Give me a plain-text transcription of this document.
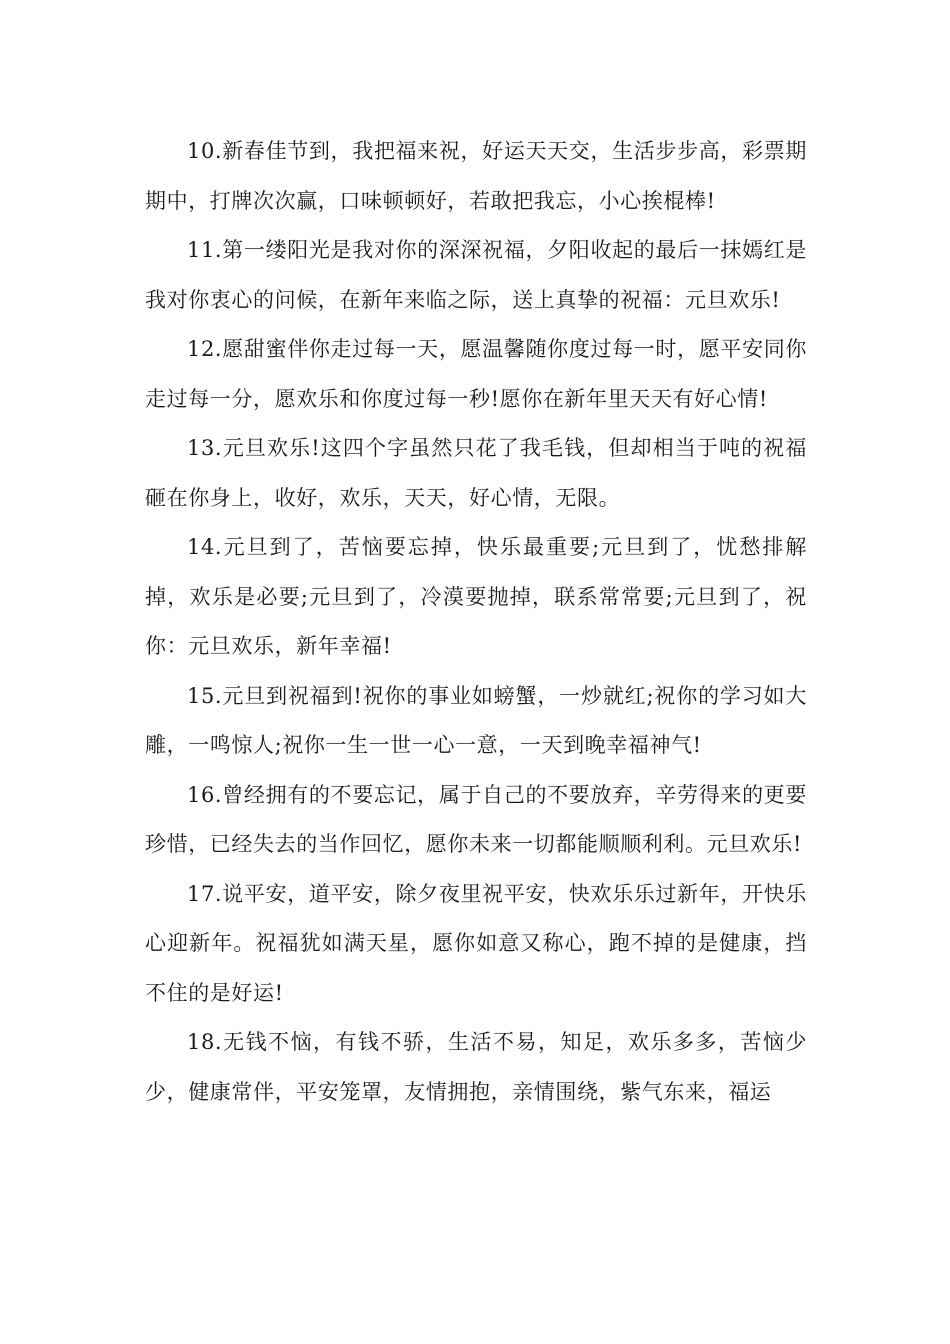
10.新春佳节到，我把福来祝，好运天天交，生活步步高，彩票期期中，打牌次次赢，口味顿顿好，若敢把我忘，小心挨棍棒!

11.第一缕阳光是我对你的深深祝福，夕阳收起的最后一抹嫣红是我对你衷心的问候，在新年来临之际，送上真挚的祝福：元旦欢乐!

12.愿甜蜜伴你走过每一天，愿温馨随你度过每一时，愿平安同你走过每一分，愿欢乐和你度过每一秒!愿你在新年里天天有好心情!

13.元旦欢乐!这四个字虽然只花了我毛钱，但却相当于吨的祝福砸在你身上，收好，欢乐，天天，好心情，无限。

14.元旦到了，苦恼要忘掉，快乐最重要;元旦到了，忧愁排解掉，欢乐是必要;元旦到了，冷漠要抛掉，联系常常要;元旦到了，祝你：元旦欢乐，新年幸福!

15.元旦到祝福到!祝你的事业如螃蟹，一炒就红;祝你的学习如大雕，一鸣惊人;祝你一生一世一心一意，一天到晚幸福神气!

16.曾经拥有的不要忘记，属于自己的不要放弃，辛劳得来的更要珍惜，已经失去的当作回忆，愿你未来一切都能顺顺利利。元旦欢乐!

17.说平安，道平安，除夕夜里祝平安，快欢乐乐过新年，开快乐心迎新年。祝福犹如满天星，愿你如意又称心，跑不掉的是健康，挡不住的是好运!

18.无钱不恼，有钱不骄，生活不易，知足，欢乐多多，苦恼少少，健康常伴，平安笼罩，友情拥抱，亲情围绕，紫气东来，福运
